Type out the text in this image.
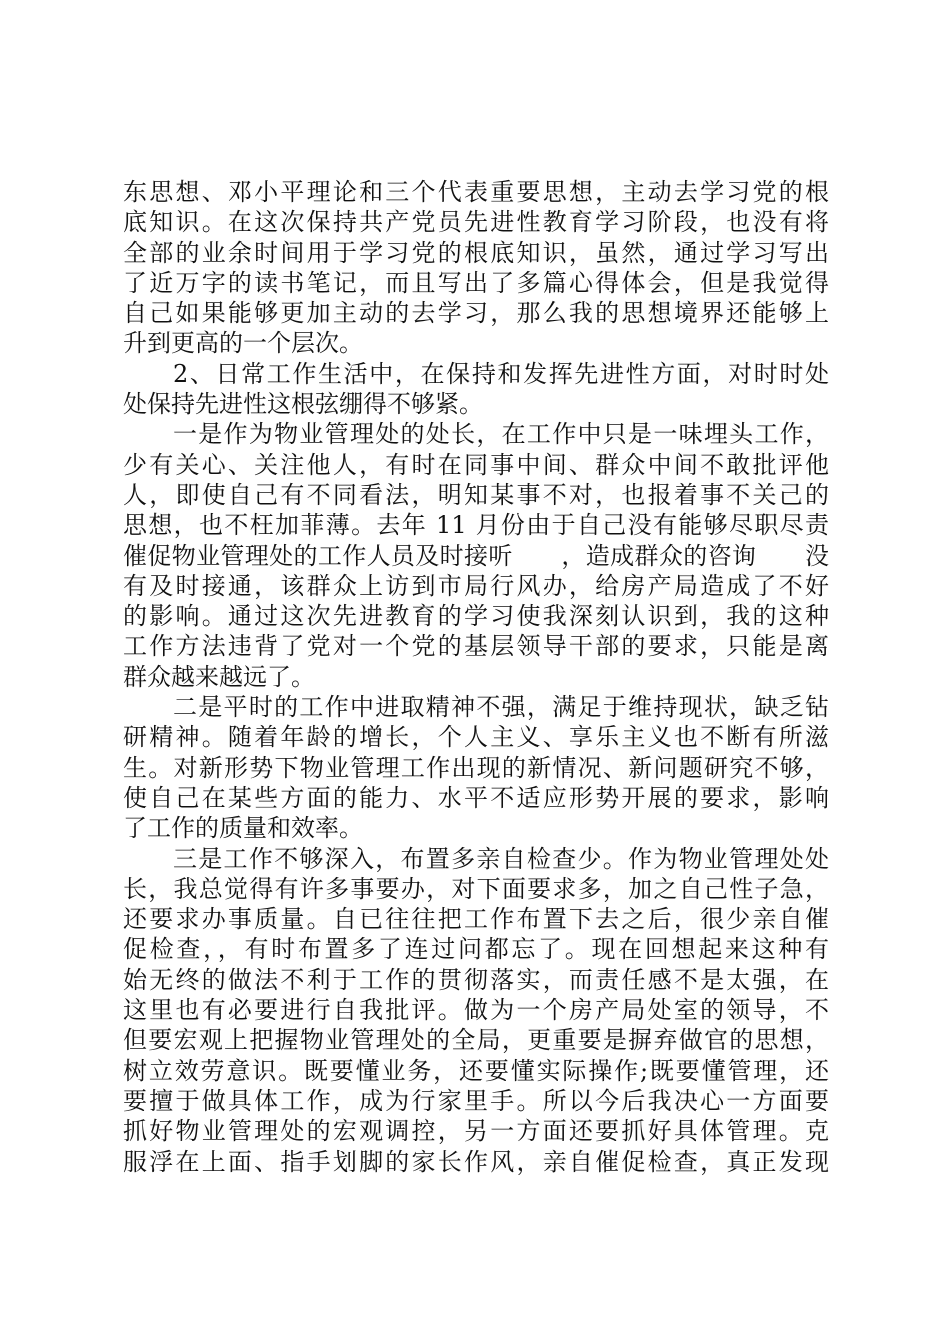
东思想、邓小平理论和三个代表重要思想，主动去学习党的根
底知识。在这次保持共产党员先进性教育学习阶段，也没有将
全部的业余时间用于学习党的根底知识，虽然，通过学习写出
了近万字的读书笔记，而且写出了多篇心得体会，但是我觉得
自己如果能够更加主动的去学习，那么我的思想境界还能够上
升到更高的一个层次。
2、日常工作生活中，在保持和发挥先进性方面，对时时处
处保持先进性这根弦绷得不够紧。
一是作为物业管理处的处长，在工作中只是一味埋头工作，
少有关心、关注他人，有时在同事中间、群众中间不敢批评他
人，即使自己有不同看法，明知某事不对，也报着事不关己的
思想，也不枉加菲薄。去年 11 月份由于自己没有能够尽职尽责
催促物业管理处的工作人员及时接听　　，造成群众的咨询　　没
有及时接通，该群众上访到市局行风办，给房产局造成了不好
的影响。通过这次先进教育的学习使我深刻认识到，我的这种
工作方法违背了党对一个党的基层领导干部的要求，只能是离
群众越来越远了。
二是平时的工作中进取精神不强，满足于维持现状，缺乏钻
研精神。随着年龄的增长，个人主义、享乐主义也不断有所滋
生。对新形势下物业管理工作出现的新情况、新问题研究不够，
使自己在某些方面的能力、水平不适应形势开展的要求，影响
了工作的质量和效率。
三是工作不够深入，布置多亲自检查少。作为物业管理处处
长，我总觉得有许多事要办，对下面要求多，加之自己性子急，
还要求办事质量。自已往往把工作布置下去之后，很少亲自催
促检查，，有时布置多了连过问都忘了。现在回想起来这种有
始无终的做法不利于工作的贯彻落实，而责任感不是太强，在
这里也有必要进行自我批评。做为一个房产局处室的领导，不
但要宏观上把握物业管理处的全局，更重要是摒弃做官的思想，
树立效劳意识。既要懂业务，还要懂实际操作;既要懂管理，还
要擅于做具体工作，成为行家里手。所以今后我决心一方面要
抓好物业管理处的宏观调控，另一方面还要抓好具体管理。克
服浮在上面、指手划脚的家长作风，亲自催促检查，真正发现
